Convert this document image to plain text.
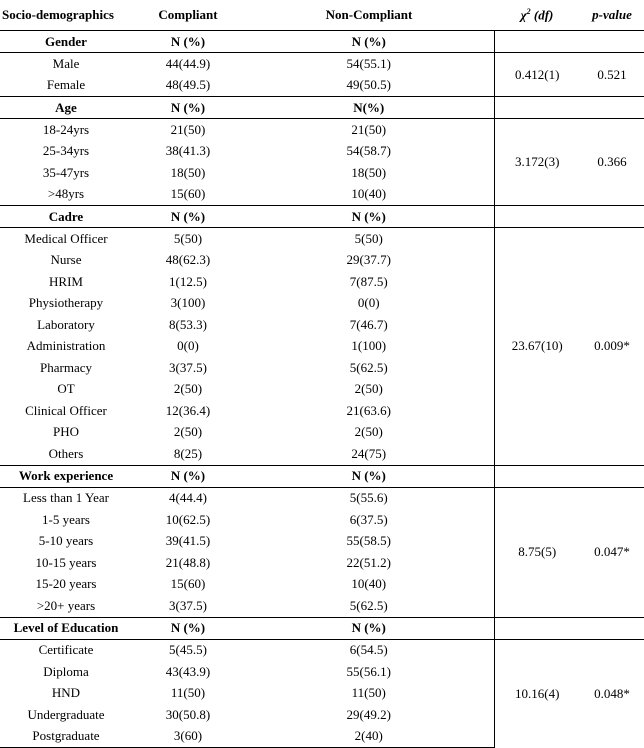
Socio-demographics	Compliant	Non-Compliant	$\chi^2$ (df)	p-value
Gender	N (%)	N (%)		
Male	44(44.9)	54(55.1)	0.412(1)	0.521
Female	48(49.5)	49(50.5)		
Age	N (%)	N(%)		
18-24yrs	21(50)	21(50)	3.172(3)	0.366
25-34yrs	38(41.3)	54(58.7)		
35-47yrs	18(50)	18(50)		
>48yrs	15(60)	10(40)		
Cadre	N (%)	N (%)		
Medical Officer	5(50)	5(50)	23.67(10)	0.009*
Nurse	48(62.3)	29(37.7)		
HRIM	1(12.5)	7(87.5)		
Physiotherapy	3(100)	0(0)		
Laboratory	8(53.3)	7(46.7)		
Administration	0(0)	1(100)		
Pharmacy	3(37.5)	5(62.5)		
OT	2(50)	2(50)		
Clinical Officer	12(36.4)	21(63.6)		
PHO	2(50)	2(50)		
Others	8(25)	24(75)		
Work experience	N (%)	N (%)		
Less than 1 Year	4(44.4)	5(55.6)	8.75(5)	0.047*
1-5 years	10(62.5)	6(37.5)		
5-10 years	39(41.5)	55(58.5)		
10-15 years	21(48.8)	22(51.2)		
15-20 years	15(60)	10(40)		
>20+ years	3(37.5)	5(62.5)		
Level of Education	N (%)	N (%)		
Certificate	5(45.5)	6(54.5)	10.16(4)	0.048*
Diploma	43(43.9)	55(56.1)		
HND	11(50)	11(50)		
Undergraduate	30(50.8)	29(49.2)		
Postgraduate	3(60)	2(40)		
